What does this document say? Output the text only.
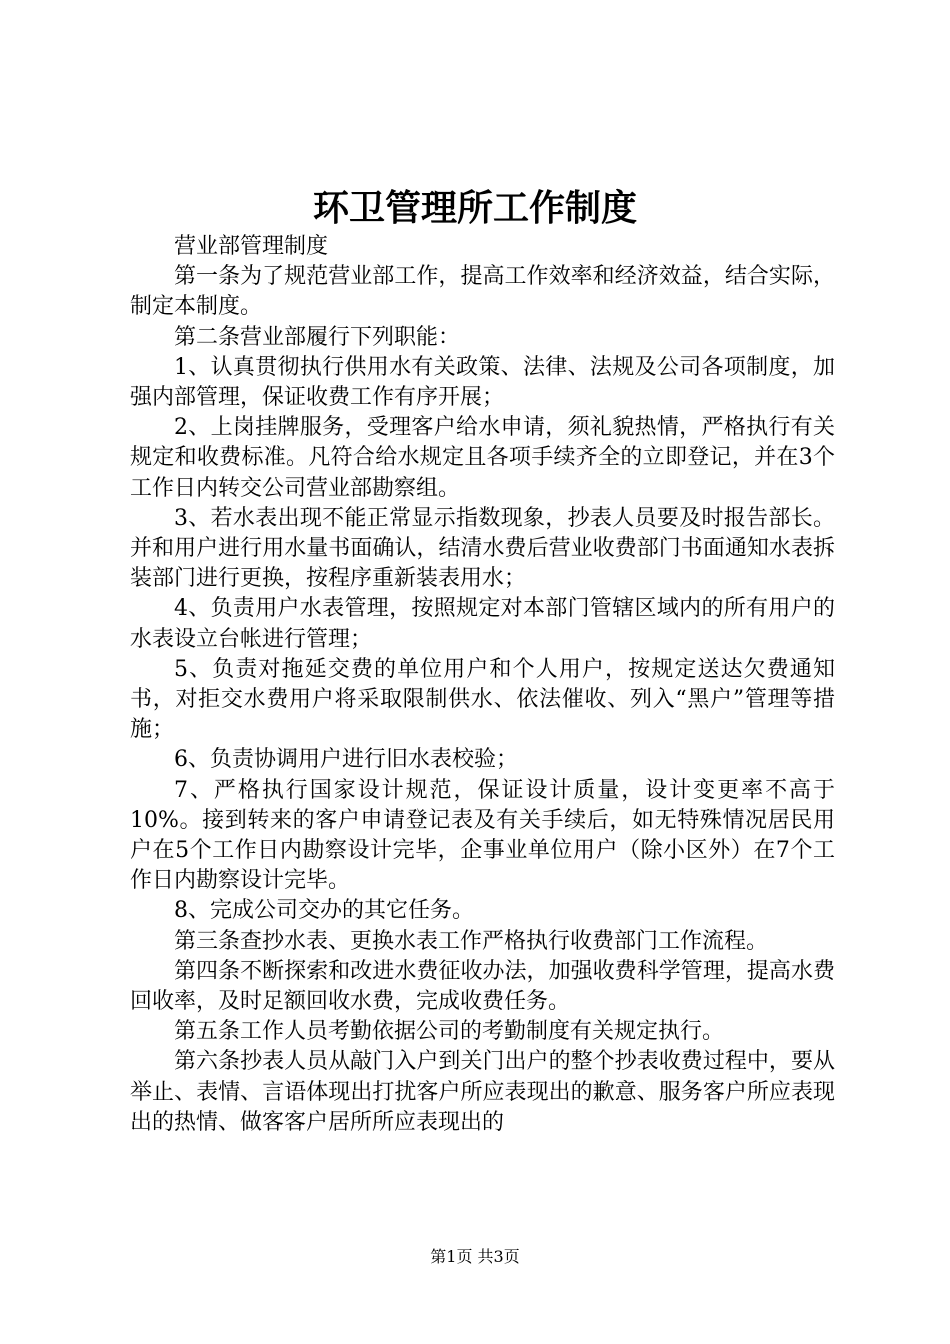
环卫管理所工作制度

营业部管理制度

第一条为了规范营业部工作，提高工作效率和经济效益，结合实际，制定本制度。

第二条营业部履行下列职能：

1、认真贯彻执行供用水有关政策、法律、法规及公司各项制度，加强内部管理，保证收费工作有序开展；

2、上岗挂牌服务，受理客户给水申请，须礼貌热情，严格执行有关规定和收费标准。凡符合给水规定且各项手续齐全的立即登记，并在3个工作日内转交公司营业部勘察组。

3、若水表出现不能正常显示指数现象，抄表人员要及时报告部长。并和用户进行用水量书面确认，结清水费后营业收费部门书面通知水表拆装部门进行更换，按程序重新装表用水；

4、负责用户水表管理，按照规定对本部门管辖区域内的所有用户的水表设立台帐进行管理；

5、负责对拖延交费的单位用户和个人用户，按规定送达欠费通知书，对拒交水费用户将采取限制供水、依法催收、列入“黑户”管理等措施；

6、负责协调用户进行旧水表校验；

7、严格执行国家设计规范，保证设计质量，设计变更率不高于10%。接到转来的客户申请登记表及有关手续后，如无特殊情况居民用户在5个工作日内勘察设计完毕，企事业单位用户（除小区外）在7个工作日内勘察设计完毕。

8、完成公司交办的其它任务。

第三条查抄水表、更换水表工作严格执行收费部门工作流程。

第四条不断探索和改进水费征收办法，加强收费科学管理，提高水费回收率，及时足额回收水费，完成收费任务。

第五条工作人员考勤依据公司的考勤制度有关规定执行。

第六条抄表人员从敲门入户到关门出户的整个抄表收费过程中，要从举止、表情、言语体现出打扰客户所应表现出的歉意、服务客户所应表现出的热情、做客客户居所所应表现出的

第1页 共3页
